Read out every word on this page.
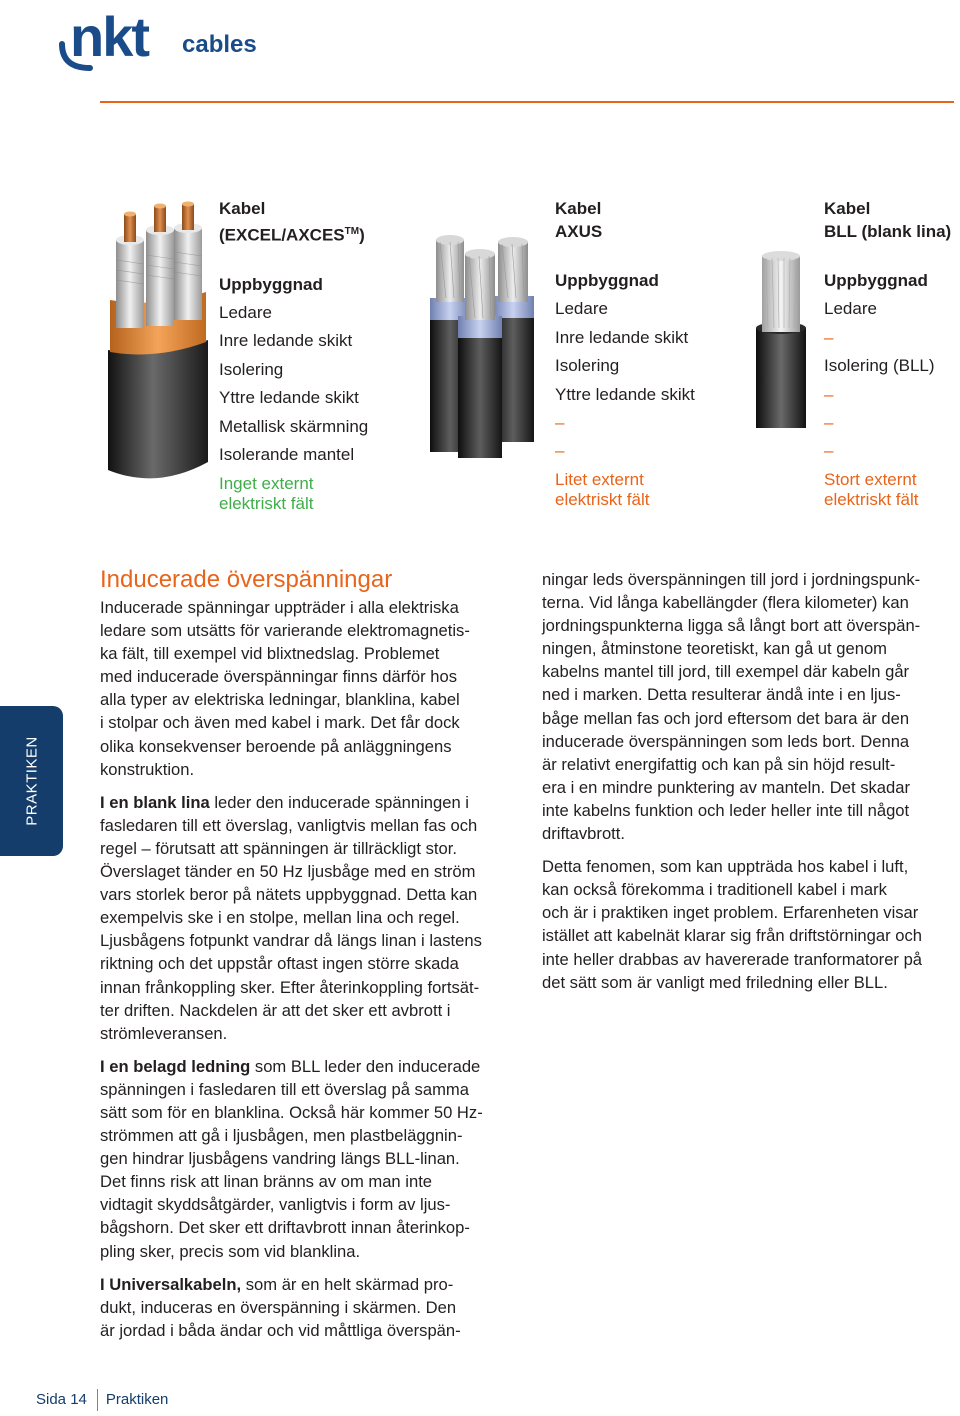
nkt cables
Kabel
(EXCEL/AXCES™)
Uppbyggnad
Ledare
Inre ledande skikt
Isolering
Yttre ledande skikt
Metallisk skärmning
Isolerande mantel
Inget externt
elektriskt fält
Kabel
AXUS
Uppbyggnad
Ledare
Inre ledande skikt
Isolering
Yttre ledande skikt
–
–
Litet externt
elektriskt fält
Kabel
BLL (blank lina)
Uppbyggnad
Ledare
–
Isolering (BLL)
–
–
–
Stort externt
elektriskt fält
PRAKTIKEN
Inducerade överspänningar

Inducerade spänningar uppträder i alla elektriska
ledare som utsätts för varierande elektromagnetis-
ka fält, till exempel vid blixtnedslag. Problemet
med inducerade överspänningar finns därför hos
alla typer av elektriska ledningar, blanklina, kabel
i stolpar och även med kabel i mark. Det får dock
olika konsekvenser beroende på anläggningens
konstruktion.

I en blank lina leder den inducerade spänningen i
fasledaren till ett överslag, vanligtvis mellan fas och
regel – förutsatt att spänningen är tillräckligt stor.
Överslaget tänder en 50 Hz ljusbåge med en ström
vars storlek beror på nätets uppbyggnad. Detta kan
exempelvis ske i en stolpe, mellan lina och regel.
Ljusbågens fotpunkt vandrar då längs linan i lastens
riktning och det uppstår oftast ingen större skada
innan frånkoppling sker. Efter återinkoppling fortsät-
ter driften. Nackdelen är att det sker ett avbrott i
strömleveransen.

I en belagd ledning som BLL leder den inducerade
spänningen i fasledaren till ett överslag på samma
sätt som för en blanklina. Också här kommer 50 Hz-
strömmen att gå i ljusbågen, men plastbeläggnin-
gen hindrar ljusbågens vandring längs BLL-linan.
Det finns risk att linan bränns av om man inte
vidtagit skyddsåtgärder, vanligtvis i form av ljus-
bågshorn. Det sker ett driftavbrott innan återinkop-
pling sker, precis som vid blanklina.

I Universalkabeln, som är en helt skärmad pro-
dukt, induceras en överspänning i skärmen. Den
är jordad i båda ändar och vid måttliga överspän-

ningar leds överspänningen till jord i jordningspunk-
terna. Vid långa kabellängder (flera kilometer) kan
jordningspunkterna ligga så långt bort att överspän-
ningen, åtminstone teoretiskt, kan gå ut genom
kabelns mantel till jord, till exempel där kabeln går
ned i marken. Detta resulterar ändå inte i en ljus-
båge mellan fas och jord eftersom det bara är den
inducerade överspänningen som leds bort. Denna
är relativt energifattig och kan på sin höjd result-
era i en mindre punktering av manteln. Det skadar
inte kabelns funktion och leder heller inte till något
driftavbrott.

Detta fenomen, som kan uppträda hos kabel i luft,
kan också förekomma i traditionell kabel i mark
och är i praktiken inget problem. Erfarenheten visar
istället att kabelnät klarar sig från driftstörningar och
inte heller drabbas av havererade tranformatorer på
det sätt som är vanligt med friledning eller BLL.

Sida 14 Praktiken
